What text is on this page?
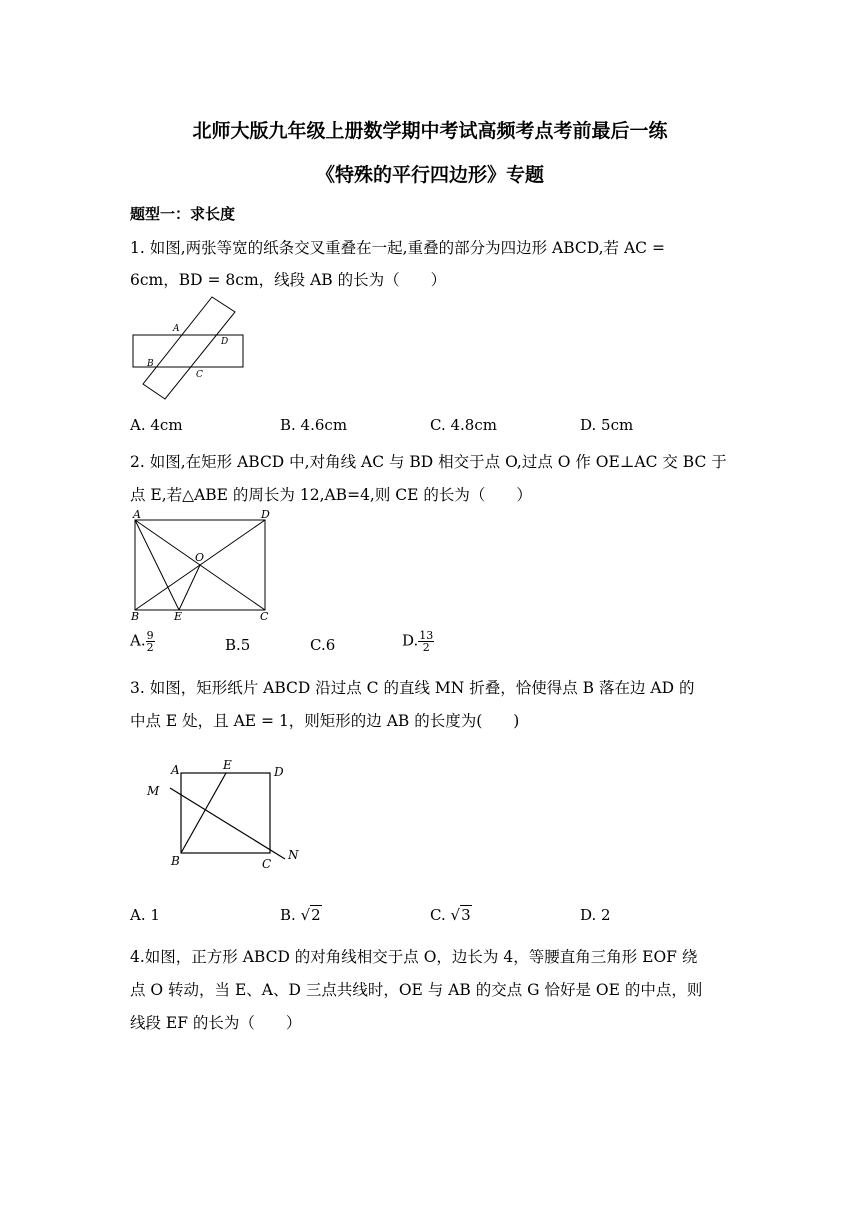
北师大版九年级上册数学期中考试高频考点考前最后一练
《特殊的平行四边形》专题
题型一：求长度
1. 如图,两张等宽的纸条交叉重叠在一起,重叠的部分为四边形 ABCD,若 AC =
6cm，BD = 8cm，线段 AB 的长为（　　）
A
B
C
D
A. 4cm	B. 4.6cm	C. 4.8cm	D. 5cm
2. 如图,在矩形 ABCD 中,对角线 AC 与 BD 相交于点 O,过点 O 作 OE⊥AC 交 BC 于
点 E,若△ABE 的周长为 12,AB=4,则 CE 的长为（　　）
A	D
B	E	C
O
A. $\frac{9}{2}$	B.5	C.6	D. $\frac{13}{2}$
3. 如图，矩形纸片 ABCD 沿过点 C 的直线 MN 折叠，恰使得点 B 落在边 AD 的
中点 E 处，且 AE = 1，则矩形的边 AB 的长度为(　　)
A	E	D
M
B	C
N
A. 1	B. √2	C. √3	D. 2
4.如图，正方形 ABCD 的对角线相交于点 O，边长为 4，等腰直角三角形 EOF 绕
点 O 转动，当 E、A、D 三点共线时，OE 与 AB 的交点 G 恰好是 OE 的中点，则
线段 EF 的长为（　　）
